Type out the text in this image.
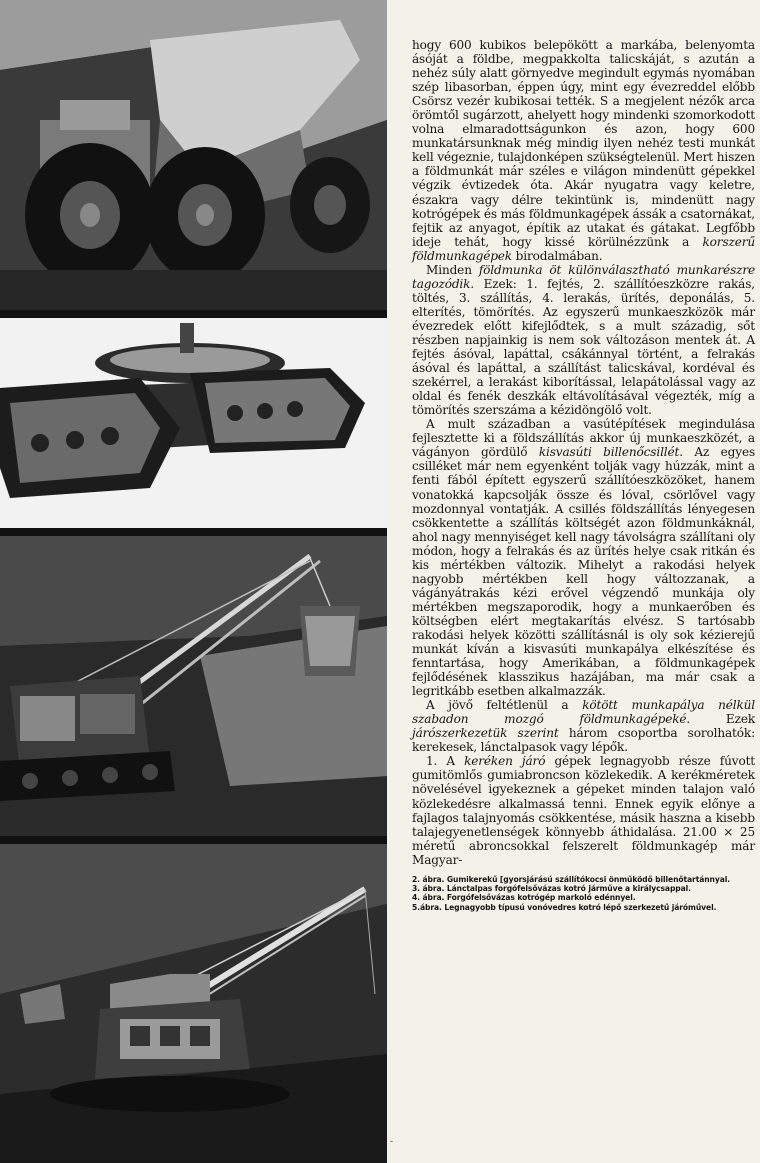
-

hogy 600 kubikos belepökött a markába, belenyomta ásóját a földbe, megpakkolta talicskáját, s azután a nehéz súly alatt görnyedve megindult egymás nyomában szép libasorban, éppen úgy, mint egy évezreddel előbb Csörsz vezér kubikosai tették. S a megjelent nézők arca örömtől sugárzott, ahelyett hogy mindenki szomorkodott volna elmaradottságunkon és azon, hogy 600 munkatársunknak még mindig ilyen nehéz testi munkát kell végeznie, tulajdonképen szükségtelenül. Mert hiszen a földmunkát már széles e világon mindenütt gépekkel végzik évtizedek óta. Akár nyugatra vagy keletre, északra vagy délre tekintünk is, mindenütt nagy kotrógépek és más földmunkagépek ássák a csatornákat, fejtik az anyagot, építik az utakat és gátakat. Legfőbb ideje tehát, hogy kissé körülnézzünk a korszerű földmunkagépek birodalmában.

Minden földmunka öt különválasztható munkarészre tagozódik. Ezek: 1. fejtés, 2. szállítóeszközre rakás, töltés, 3. szállítás, 4. lerakás, ürítés, deponálás, 5. elterítés, tömörítés. Az egyszerű munkaeszközök már évezredek előtt kifejlődtek, s a mult századig, sőt részben napjainkig is nem sok változáson mentek át. A fejtés ásóval, lapáttal, csákánnyal történt, a felrakás ásóval és lapáttal, a szállítást talicskával, kordéval és szekérrel, a lerakást kiborítással, lelapátolással vagy az oldal és fenék deszkák eltávolításával végezték, míg a tömörítés szerszáma a kézidöngölő volt.

A mult században a vasútépítések megindulása fejlesztette ki a földszállítás akkor új munkaeszközét, a vágányon gördülő kisvasúti billenőcsillét. Az egyes csilléket már nem egyenként tolják vagy húzzák, mint a fenti fából épített egyszerű szállítóeszközöket, hanem vonatokká kapcsolják össze és lóval, csörlővel vagy mozdonnyal vontatják. A csillés földszállítás lényegesen csökkentette a szállítás költségét azon földmunkáknál, ahol nagy mennyiséget kell nagy távolságra szállítani oly módon, hogy a felrakás és az ürítés helye csak ritkán és kis mértékben változik. Mihelyt a rakodási helyek nagyobb mértékben kell hogy változzanak, a vágányátrakás kézi erővel végzendő munkája oly mértékben megszaporodik, hogy a munkaerőben és költségben elért megtakarítás elvész. S tartósabb rakodási helyek közötti szállításnál is oly sok kézierejű munkát kíván a kisvasúti munkapálya elkészítése és fenntartása, hogy Amerikában, a földmunkagépek fejlődésének klasszikus hazájában, ma már csak a legritkább esetben alkalmazzák.

A jövő feltétlenül a kötött munkapálya nélkül szabadon mozgó földmunkagépeké. Ezek járószerkezetük szerint három csoportba sorolhatók: kerekesek, lánctalpasok vagy lépők.

1. A keréken járó gépek legnagyobb része fúvott gumitömlős gumiabroncson közlekedik. A kerékméretek növelésével igyekeznek a gépeket minden talajon való közlekedésre alkalmassá tenni. Ennek egyik előnye a fajlagos talajnyomás csökkentése, másik haszna a kisebb talajegyenetlenségek könnyebb áthidalása. 21.00 × 25 méretű abroncsokkal felszerelt földmunkagép már Magyar-

2. ábra. Gumikerekű [gyorsjárású szállítókocsi önműködő billenőtartánnyal.
3. ábra. Lánctalpas forgófelsővázas kotró járműve a királycsappal.
4. ábra. Forgófelsővázas kotrógép markoló edénnyel.
5.ábra. Legnagyobb típusú vonóvedres kotró lépő szerkezetű járóművel.
